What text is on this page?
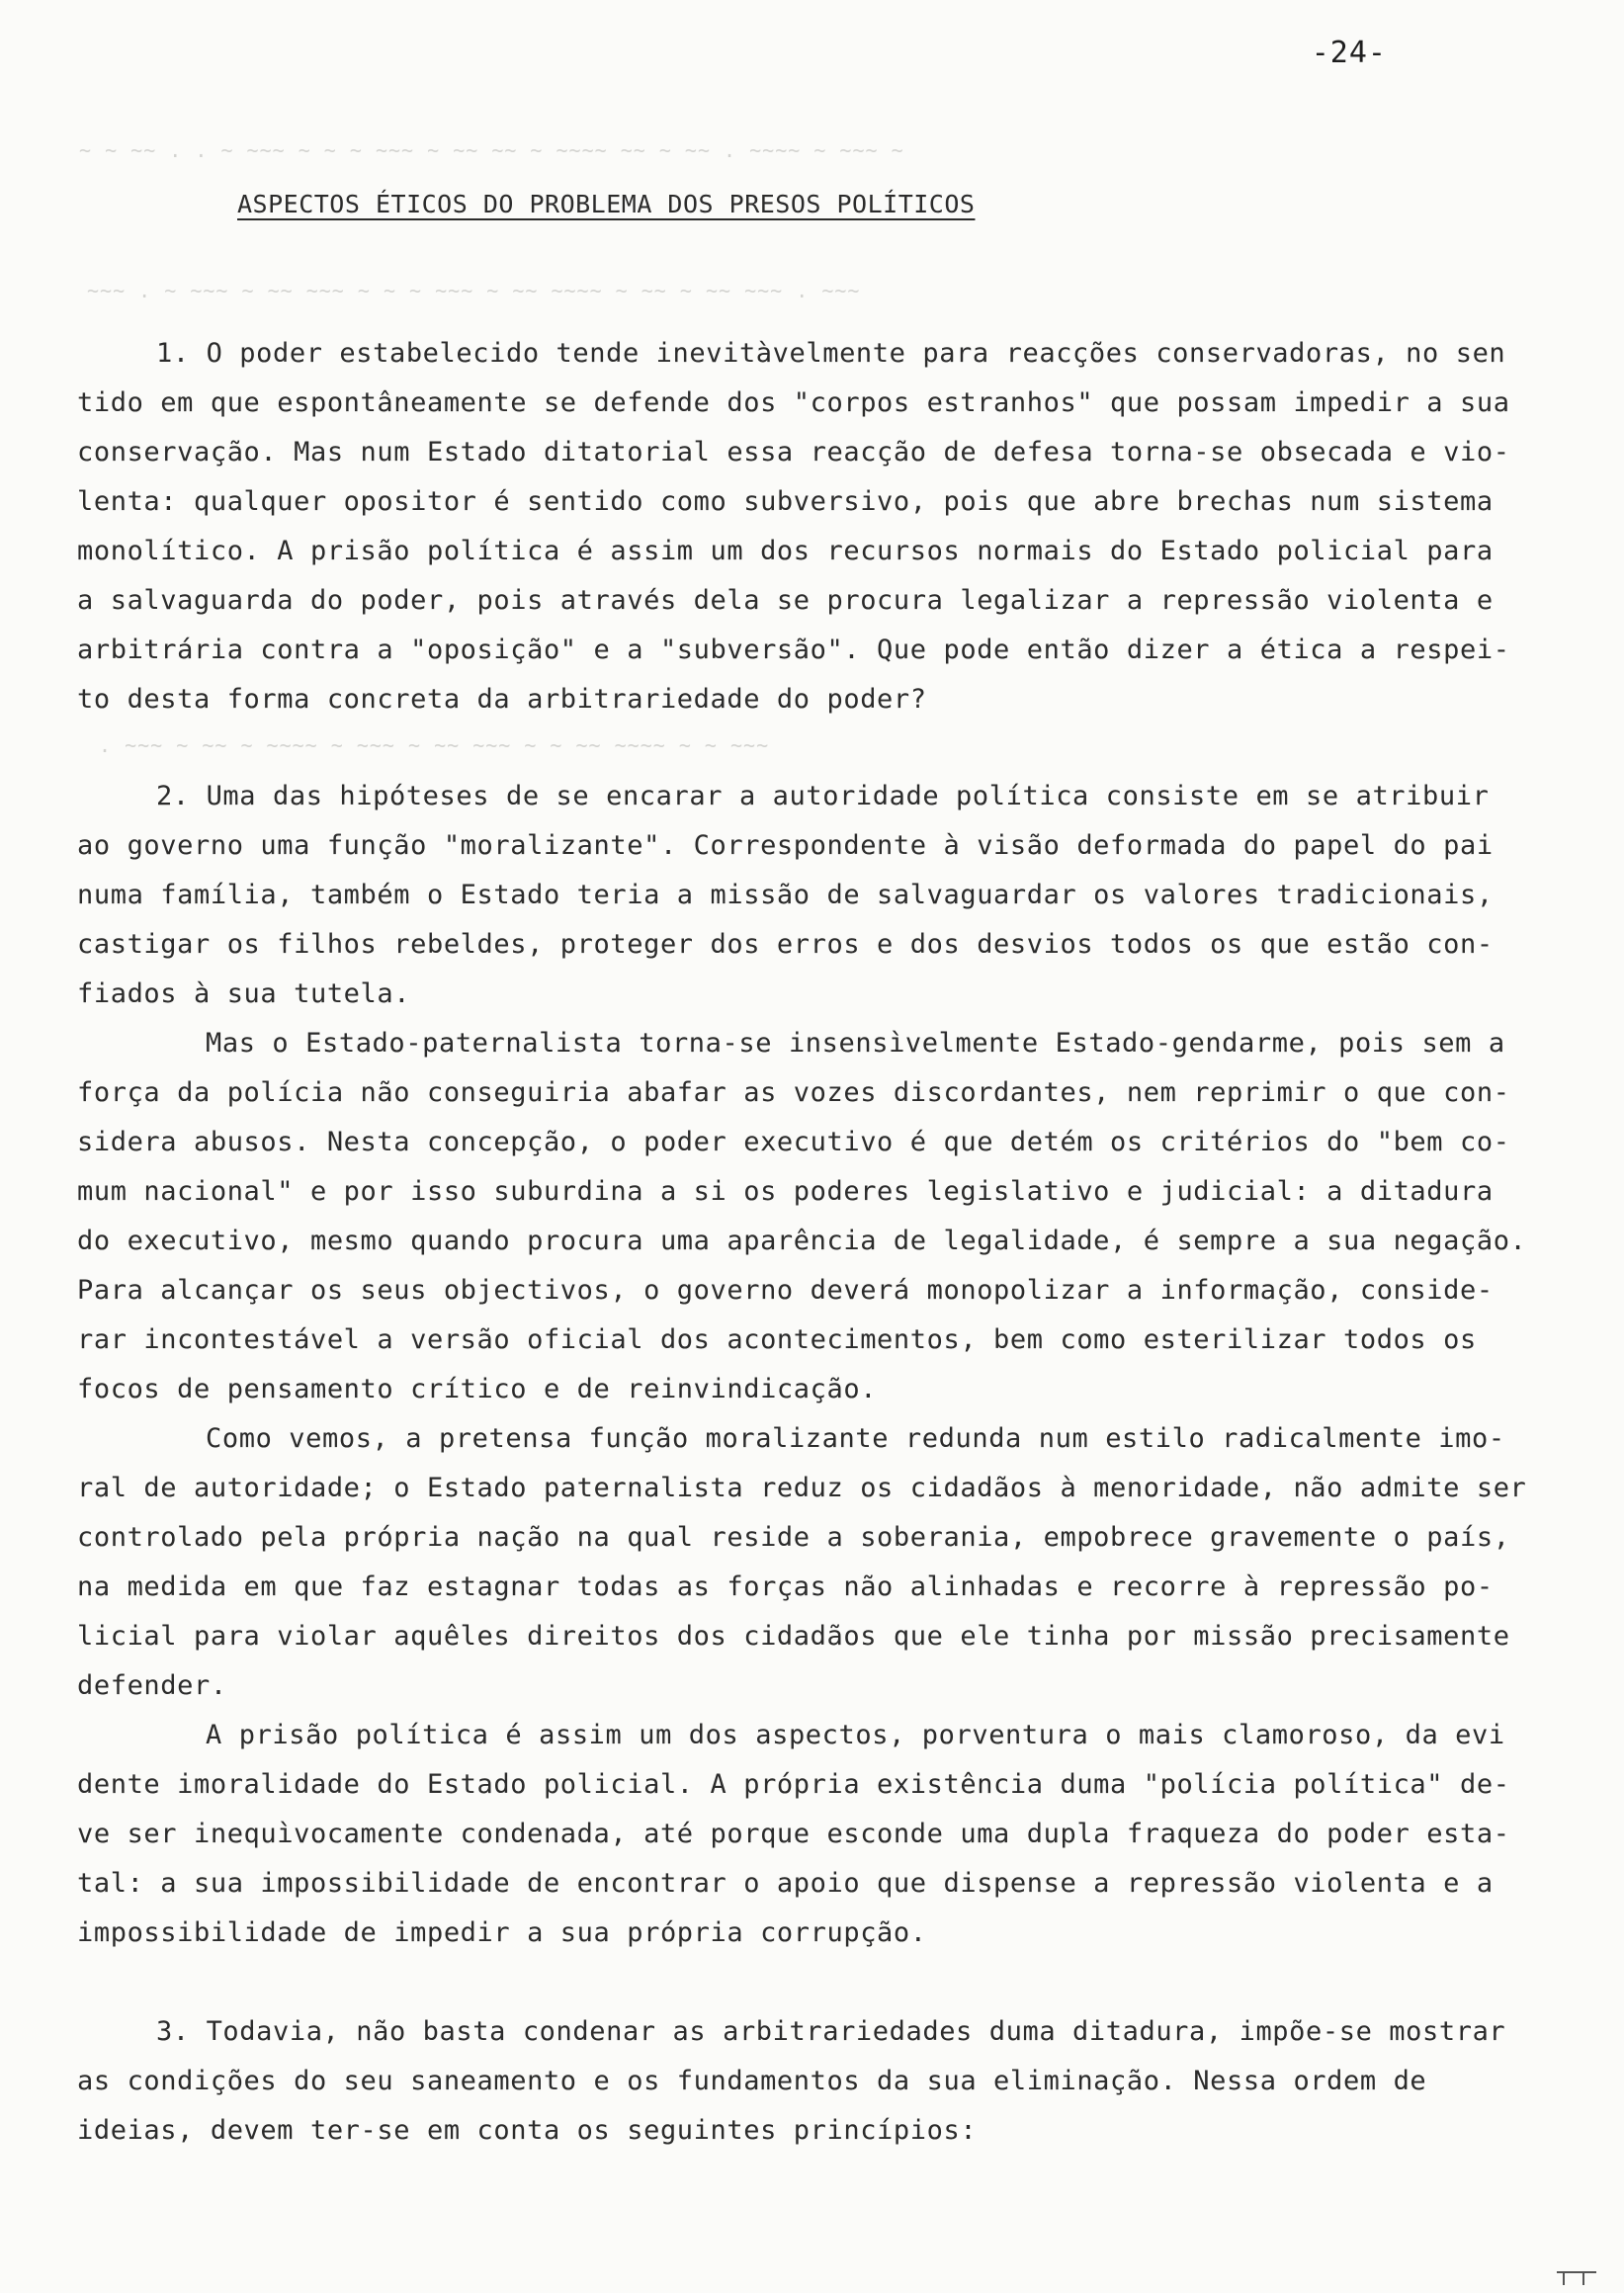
-24-
~ ~ ~~ . . ~ ~~~ ~ ~ ~ ~~~ ~ ~~ ~~ ~ ~~~~ ~~ ~ ~~ . ~~~~ ~ ~~~ ~
~~~ . ~ ~~~ ~ ~~ ~~~ ~ ~ ~ ~~~ ~ ~~ ~~~~ ~ ~~ ~ ~~ ~~~ . ~~~
. ~~~ ~ ~~ ~ ~~~~ ~ ~~~ ~ ~~ ~~~ ~ ~ ~~ ~~~~ ~ ~ ~~~
ASPECTOS ÉTICOS DO PROBLEMA DOS PRESOS POLÍTICOS
1. O poder estabelecido tende inevitàvelmente para reacções conservadoras, no sen
tido em que espontâneamente se defende dos "corpos estranhos" que possam impedir a sua
conservação. Mas num Estado ditatorial essa reacção de defesa torna-se obsecada e vio-
lenta: qualquer opositor é sentido como subversivo, pois que abre brechas num sistema
monolítico. A prisão política é assim um dos recursos normais do Estado policial para
a salvaguarda do poder, pois através dela se procura legalizar a repressão violenta e
arbitrária contra a "oposição" e a "subversão". Que pode então dizer a ética a respei-
to desta forma concreta da arbitrariedade do poder?
2. Uma das hipóteses de se encarar a autoridade política consiste em se atribuir
ao governo uma função "moralizante". Correspondente à visão deformada do papel do pai
numa família, também o Estado teria a missão de salvaguardar os valores tradicionais,
castigar os filhos rebeldes, proteger dos erros e dos desvios todos os que estão con-
fiados à sua tutela.
Mas o Estado-paternalista torna-se insensìvelmente Estado-gendarme, pois sem a
força da polícia não conseguiria abafar as vozes discordantes, nem reprimir o que con-
sidera abusos. Nesta concepção, o poder executivo é que detém os critérios do "bem co-
mum nacional" e por isso suburdina a si os poderes legislativo e judicial: a ditadura
do executivo, mesmo quando procura uma aparência de legalidade, é sempre a sua negação.
Para alcançar os seus objectivos, o governo deverá monopolizar a informação, conside-
rar incontestável a versão oficial dos acontecimentos, bem como esterilizar todos os
focos de pensamento crítico e de reinvindicação.
Como vemos, a pretensa função moralizante redunda num estilo radicalmente imo-
ral de autoridade; o Estado paternalista reduz os cidadãos à menoridade, não admite ser
controlado pela própria nação na qual reside a soberania, empobrece gravemente o país,
na medida em que faz estagnar todas as forças não alinhadas e recorre à repressão po-
licial para violar aquêles direitos dos cidadãos que ele tinha por missão precisamente
defender.
A prisão política é assim um dos aspectos, porventura o mais clamoroso, da evi
dente imoralidade do Estado policial. A própria existência duma "polícia política" de-
ve ser inequìvocamente condenada, até porque esconde uma dupla fraqueza do poder esta-
tal: a sua impossibilidade de encontrar o apoio que dispense a repressão violenta e a
impossibilidade de impedir a sua própria corrupção.
3. Todavia, não basta condenar as arbitrariedades duma ditadura, impõe-se mostrar
as condições do seu saneamento e os fundamentos da sua eliminação. Nessa ordem de
ideias, devem ter-se em conta os seguintes princípios:
